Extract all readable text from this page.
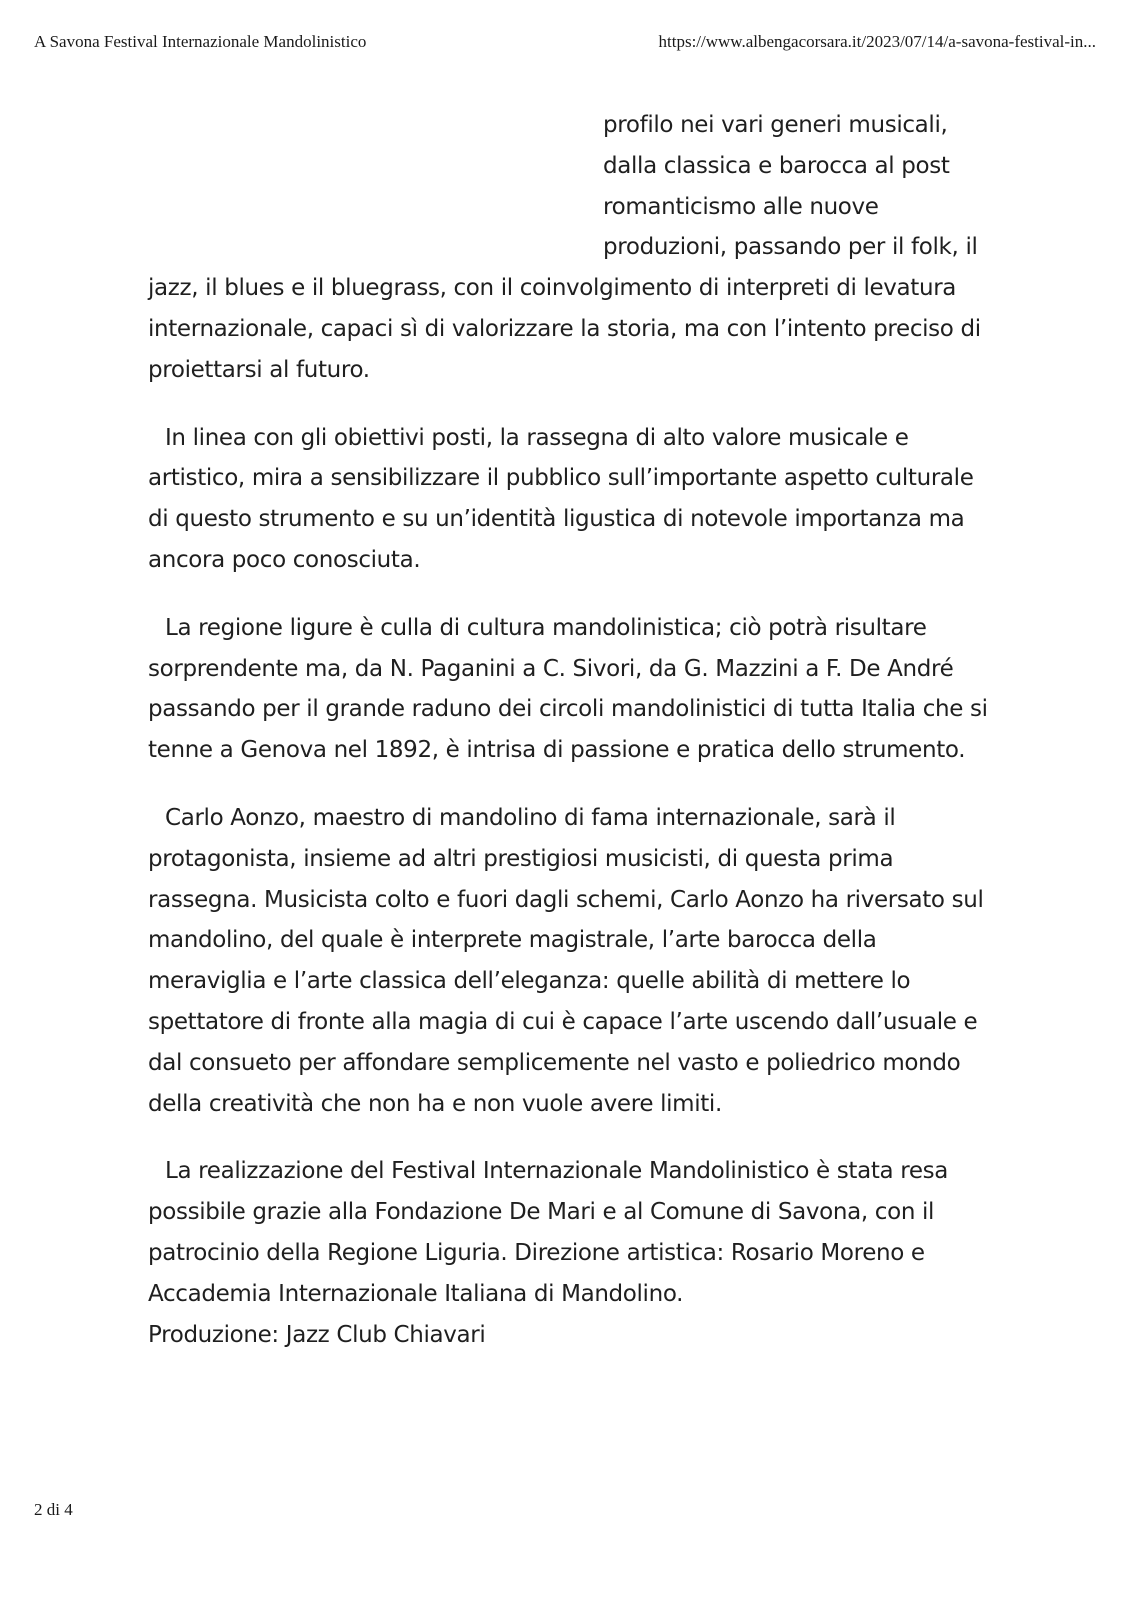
A Savona Festival Internazionale Mandolinistico	https://www.albengacorsara.it/2023/07/14/a-savona-festival-in...

profilo nei vari generi musicali, dalla classica e barocca al post romanticismo alle nuove produzioni, passando per il folk, il jazz, il blues e il bluegrass, con il coinvolgimento di interpreti di levatura internazionale, capaci sì di valorizzare la storia, ma con l’intento preciso di proiettarsi al futuro.

In linea con gli obiettivi posti, la rassegna di alto valore musicale e artistico, mira a sensibilizzare il pubblico sull’importante aspetto culturale di questo strumento e su un’identità ligustica di notevole importanza ma ancora poco conosciuta.

La regione ligure è culla di cultura mandolinistica; ciò potrà risultare sorprendente ma, da N. Paganini a C. Sivori, da G. Mazzini a F. De André passando per il grande raduno dei circoli mandolinistici di tutta Italia che si tenne a Genova nel 1892, è intrisa di passione e pratica dello strumento.

Carlo Aonzo, maestro di mandolino di fama internazionale, sarà il protagonista, insieme ad altri prestigiosi musicisti, di questa prima rassegna. Musicista colto e fuori dagli schemi, Carlo Aonzo ha riversato sul mandolino, del quale è interprete magistrale, l’arte barocca della meraviglia e l’arte classica dell’eleganza: quelle abilità di mettere lo spettatore di fronte alla magia di cui è capace l’arte uscendo dall’usuale e dal consueto per affondare semplicemente nel vasto e poliedrico mondo della creatività che non ha e non vuole avere limiti.

La realizzazione del Festival Internazionale Mandolinistico è stata resa possibile grazie alla Fondazione De Mari e al Comune di Savona, con il patrocinio della Regione Liguria. Direzione artistica: Rosario Moreno e Accademia Internazionale Italiana di Mandolino.
Produzione: Jazz Club Chiavari

2 di 4
